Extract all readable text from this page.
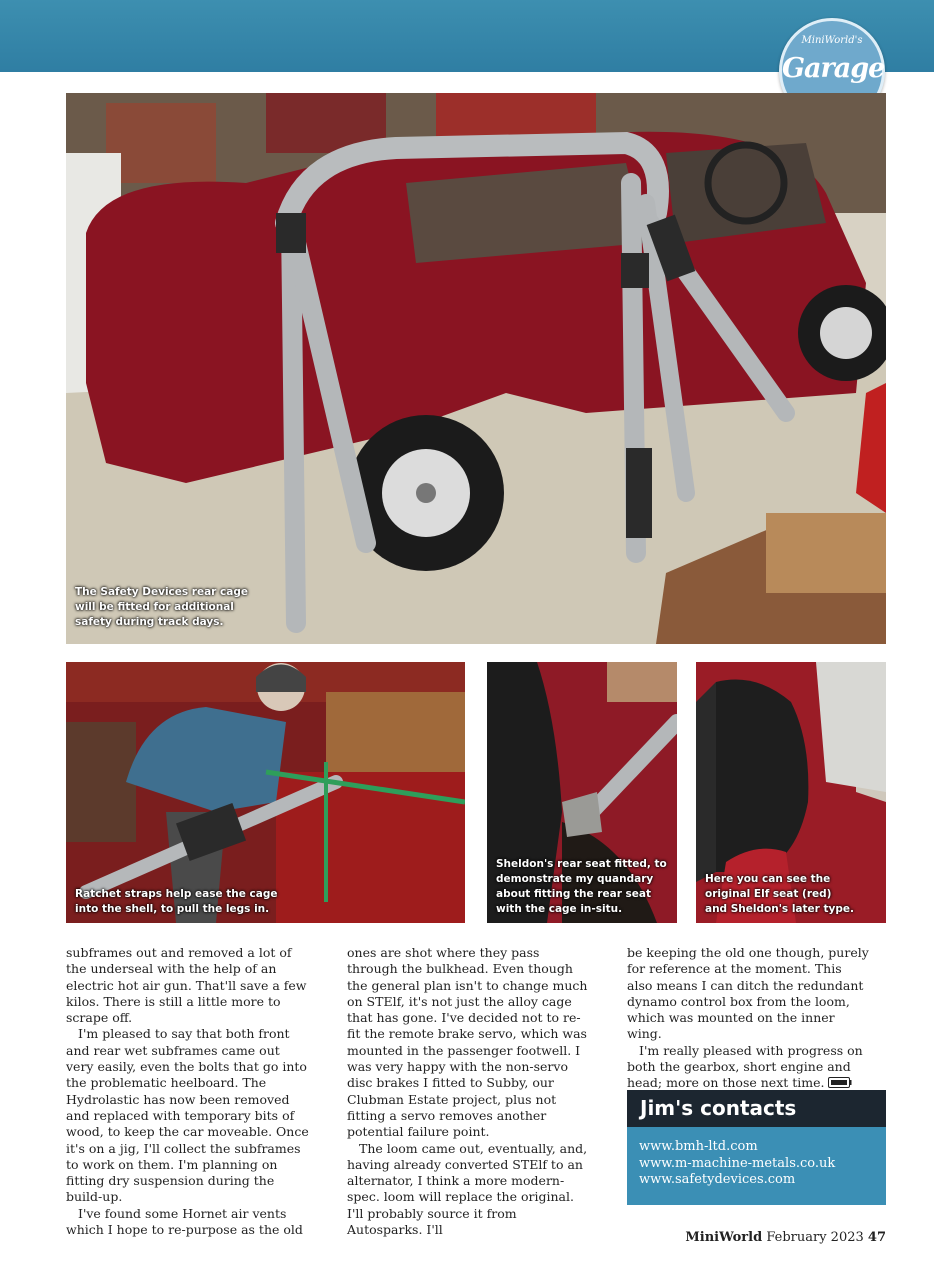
MiniWorld's
Garage
The Safety Devices rear cage
will be fitted for additional
safety during track days.
Ratchet straps help ease the cage
into the shell, to pull the legs in.
Sheldon's rear seat fitted, to
demonstrate my quandary
about fitting the rear seat
with the cage in-situ.
Here you can see the
original Elf seat (red)
and Sheldon's later type.

subframes out and removed a lot of the underseal with the help of an electric hot air gun. That'll save a few kilos. There is still a little more to scrape off.

I'm pleased to say that both front and rear wet subframes came out very easily, even the bolts that go into the problematic heelboard. The Hydrolastic has now been removed and replaced with temporary bits of wood, to keep the car moveable. Once it's on a jig, I'll collect the subframes to work on them. I'm planning on fitting dry suspension during the build-up.

I've found some Hornet air vents which I hope to re-purpose as the old

ones are shot where they pass through the bulkhead. Even though the general plan isn't to change much on STElf, it's not just the alloy cage that has gone. I've decided not to re-fit the remote brake servo, which was mounted in the passenger footwell. I was very happy with the non-servo disc brakes I fitted to Subby, our Clubman Estate project, plus not fitting a servo removes another potential failure point.

The loom came out, eventually, and, having already converted STElf to an alternator, I think a more modern-spec. loom will replace the original. I'll probably source it from Autosparks. I'll

be keeping the old one though, purely for reference at the moment. This also means I can ditch the redundant dynamo control box from the loom, which was mounted on the inner wing.

I'm really pleased with progress on both the gearbox, short engine and head; more on those next time.

Jim's contacts
www.bmh-ltd.com
www.m-machine-metals.co.uk
www.safetydevices.com
MiniWorld February 2023 47
